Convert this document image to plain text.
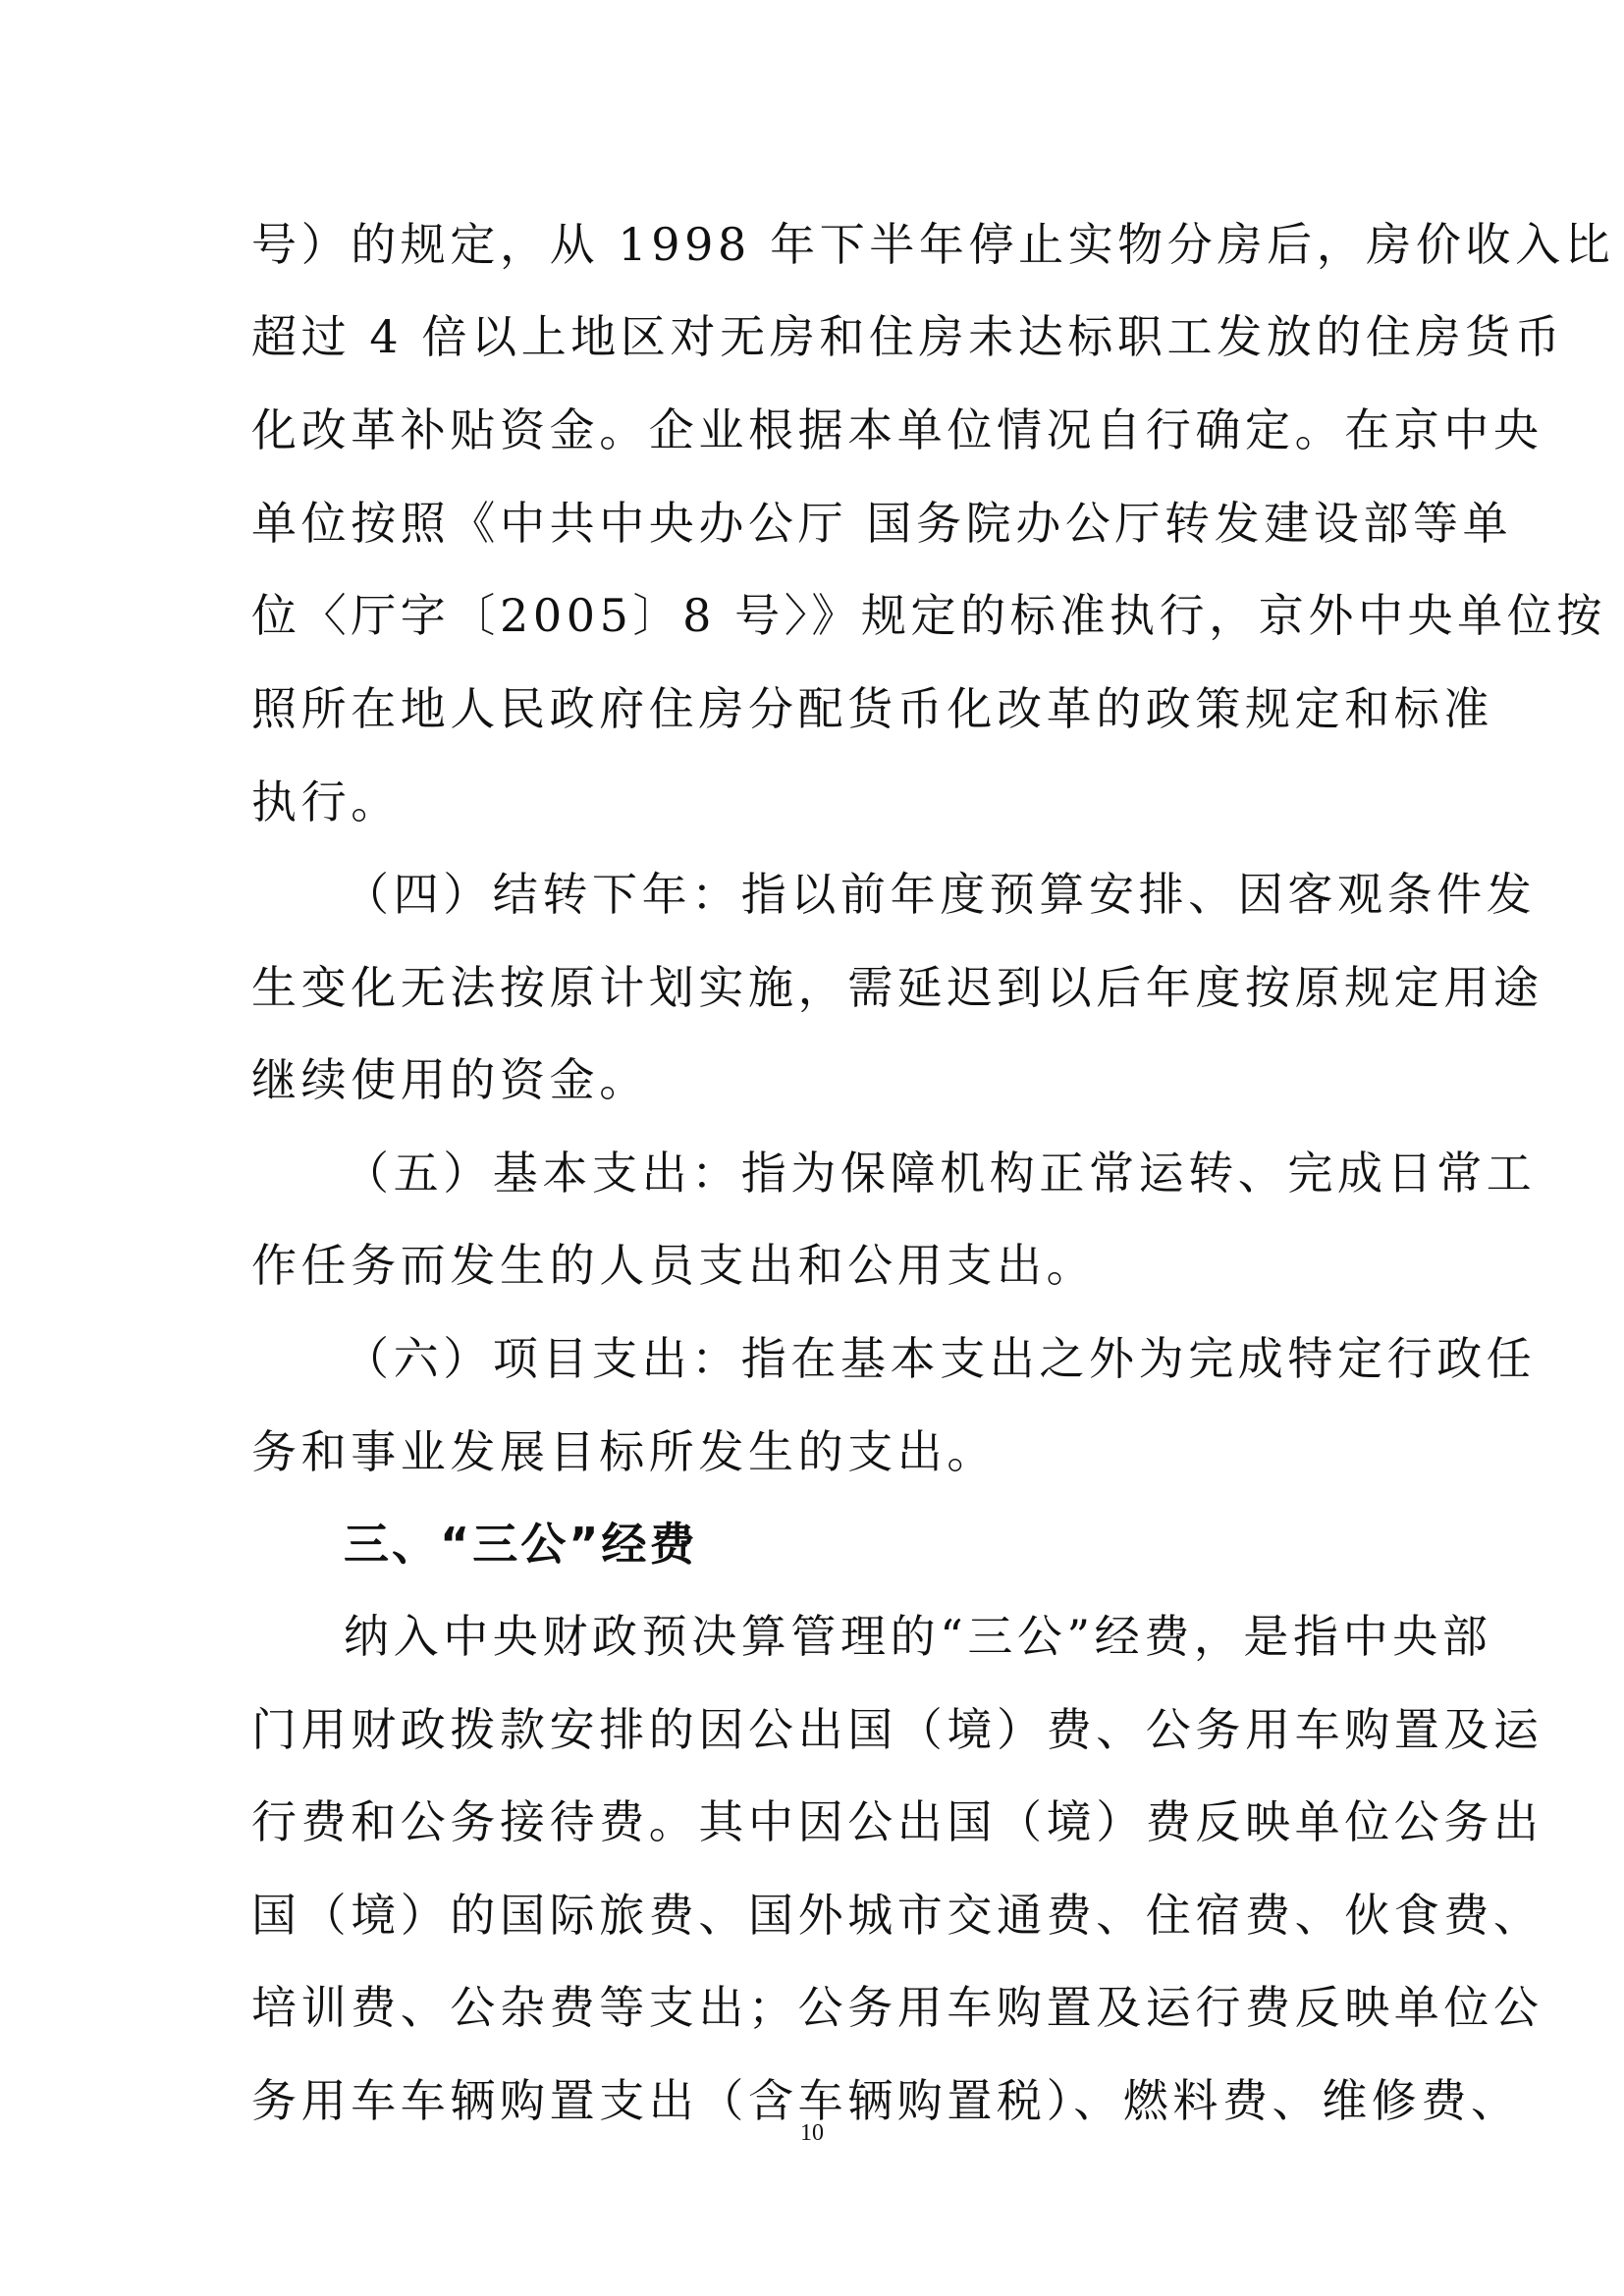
号）的规定，从 1998 年下半年停止实物分房后，房价收入比
超过 4 倍以上地区对无房和住房未达标职工发放的住房货币
化改革补贴资金。企业根据本单位情况自行确定。在京中央
单位按照《中共中央办公厅 国务院办公厅转发建设部等单
位〈厅字〔2005〕8 号〉》规定的标准执行，京外中央单位按
照所在地人民政府住房分配货币化改革的政策规定和标准
执行。
（四）结转下年：指以前年度预算安排、因客观条件发
生变化无法按原计划实施，需延迟到以后年度按原规定用途
继续使用的资金。
（五）基本支出：指为保障机构正常运转、完成日常工
作任务而发生的人员支出和公用支出。
（六）项目支出：指在基本支出之外为完成特定行政任
务和事业发展目标所发生的支出。
三、“三公”经费
纳入中央财政预决算管理的“三公”经费，是指中央部
门用财政拨款安排的因公出国（境）费、公务用车购置及运
行费和公务接待费。其中因公出国（境）费反映单位公务出
国（境）的国际旅费、国外城市交通费、住宿费、伙食费、
培训费、公杂费等支出；公务用车购置及运行费反映单位公
务用车车辆购置支出（含车辆购置税）、燃料费、维修费、
10
